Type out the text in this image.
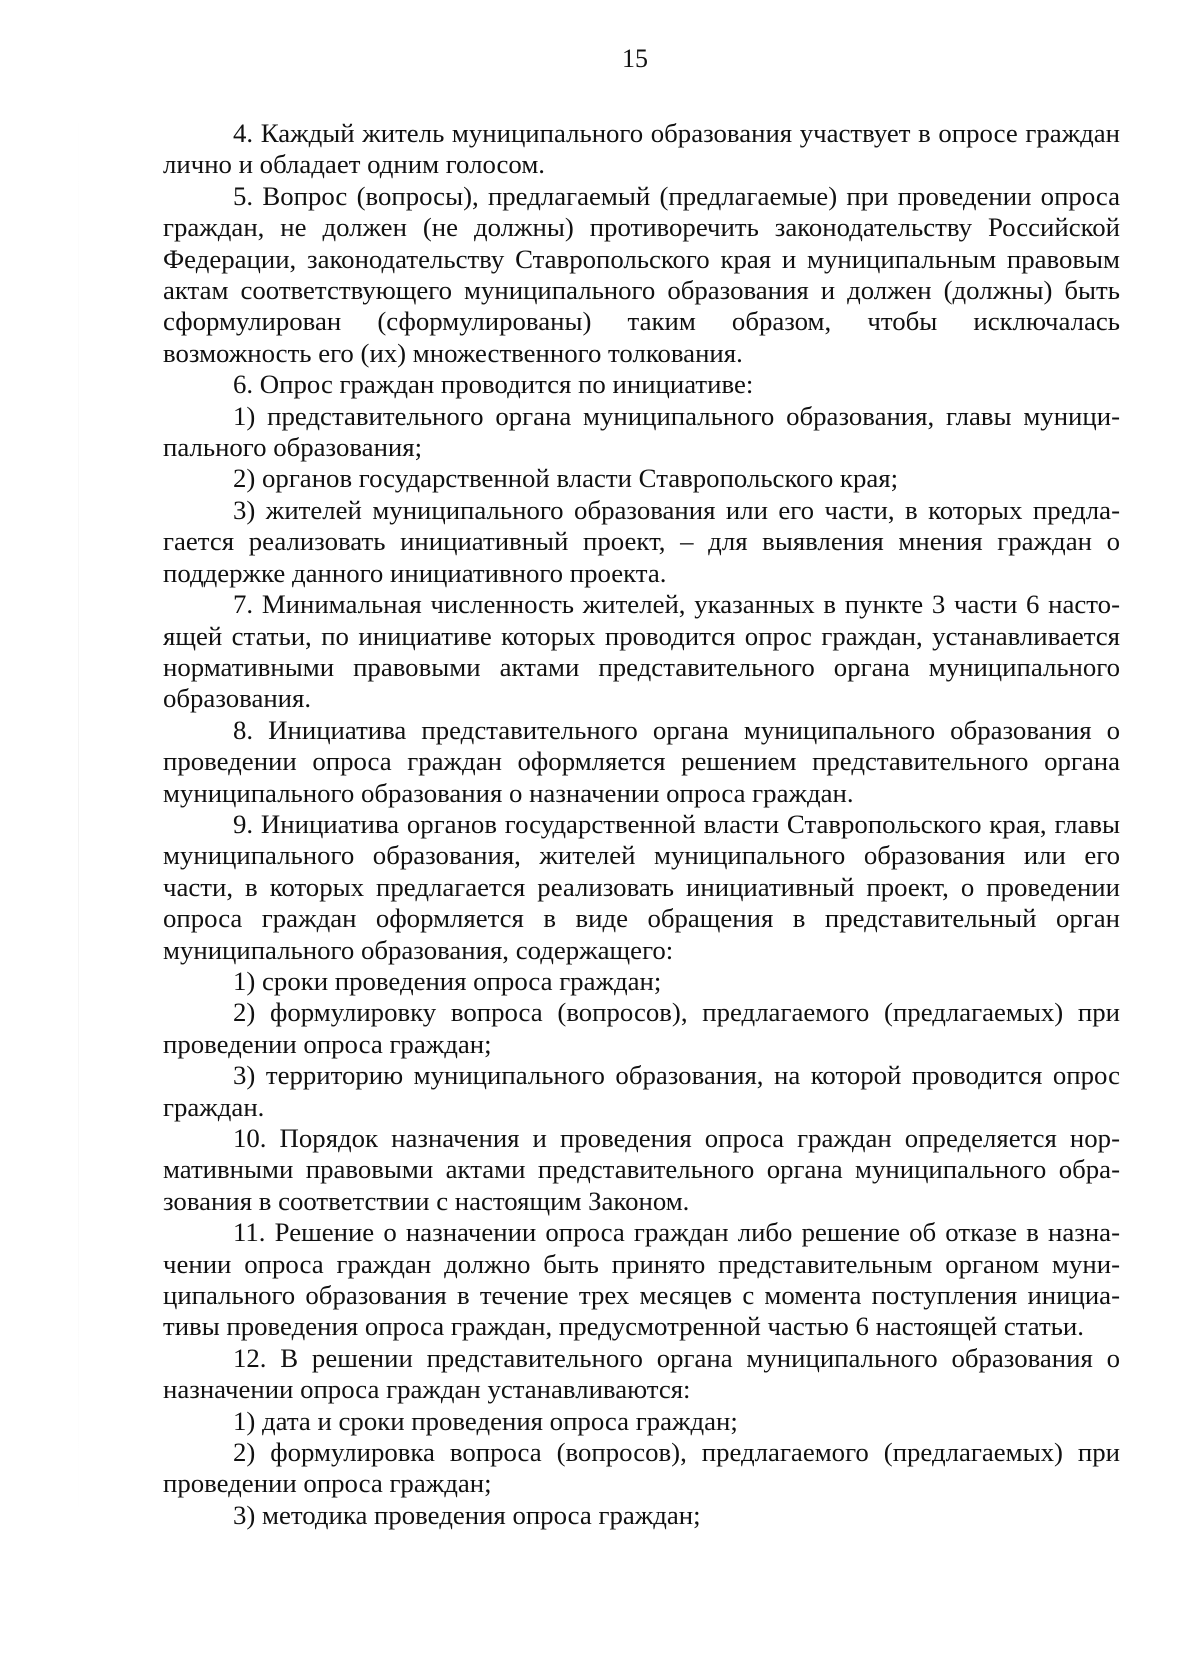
15

4. Каждый житель муниципального образования участвует в опросе граждан лично и обладает одним голосом.

5. Вопрос (вопросы), предлагаемый (предлагаемые) при проведении опроса граждан, не должен (не должны) противоречить законодательству Российской Федерации, законодательству Ставропольского края и муниципальным правовым актам соответствующего муниципального образования и должен (должны) быть сформулирован (сформулированы) таким образом, чтобы исключалась возможность его (их) множественного толкования.

6. Опрос граждан проводится по инициативе:

1) представительного органа муниципального образования, главы муниципального образования;

2) органов государственной власти Ставропольского края;

3) жителей муниципального образования или его части, в которых предлагается реализовать инициативный проект, – для выявления мнения граждан о поддержке данного инициативного проекта.

7. Минимальная численность жителей, указанных в пункте 3 части 6 настоящей статьи, по инициативе которых проводится опрос граждан, устанавливается нормативными правовыми актами представительного органа муниципального образования.

8. Инициатива представительного органа муниципального образования о проведении опроса граждан оформляется решением представительного органа муниципального образования о назначении опроса граждан.

9. Инициатива органов государственной власти Ставропольского края, главы муниципального образования, жителей муниципального образования или его части, в которых предлагается реализовать инициативный проект, о проведении опроса граждан оформляется в виде обращения в представительный орган муниципального образования, содержащего:

1) сроки проведения опроса граждан;

2) формулировку вопроса (вопросов), предлагаемого (предлагаемых) при проведении опроса граждан;

3) территорию муниципального образования, на которой проводится опрос граждан.

10. Порядок назначения и проведения опроса граждан определяется нормативными правовыми актами представительного органа муниципального образования в соответствии с настоящим Законом.

11. Решение о назначении опроса граждан либо решение об отказе в назначении опроса граждан должно быть принято представительным органом муниципального образования в течение трех месяцев с момента поступления инициативы проведения опроса граждан, предусмотренной частью 6 настоящей статьи.

12. В решении представительного органа муниципального образования о назначении опроса граждан устанавливаются:

1) дата и сроки проведения опроса граждан;

2) формулировка вопроса (вопросов), предлагаемого (предлагаемых) при проведении опроса граждан;

3) методика проведения опроса граждан;
